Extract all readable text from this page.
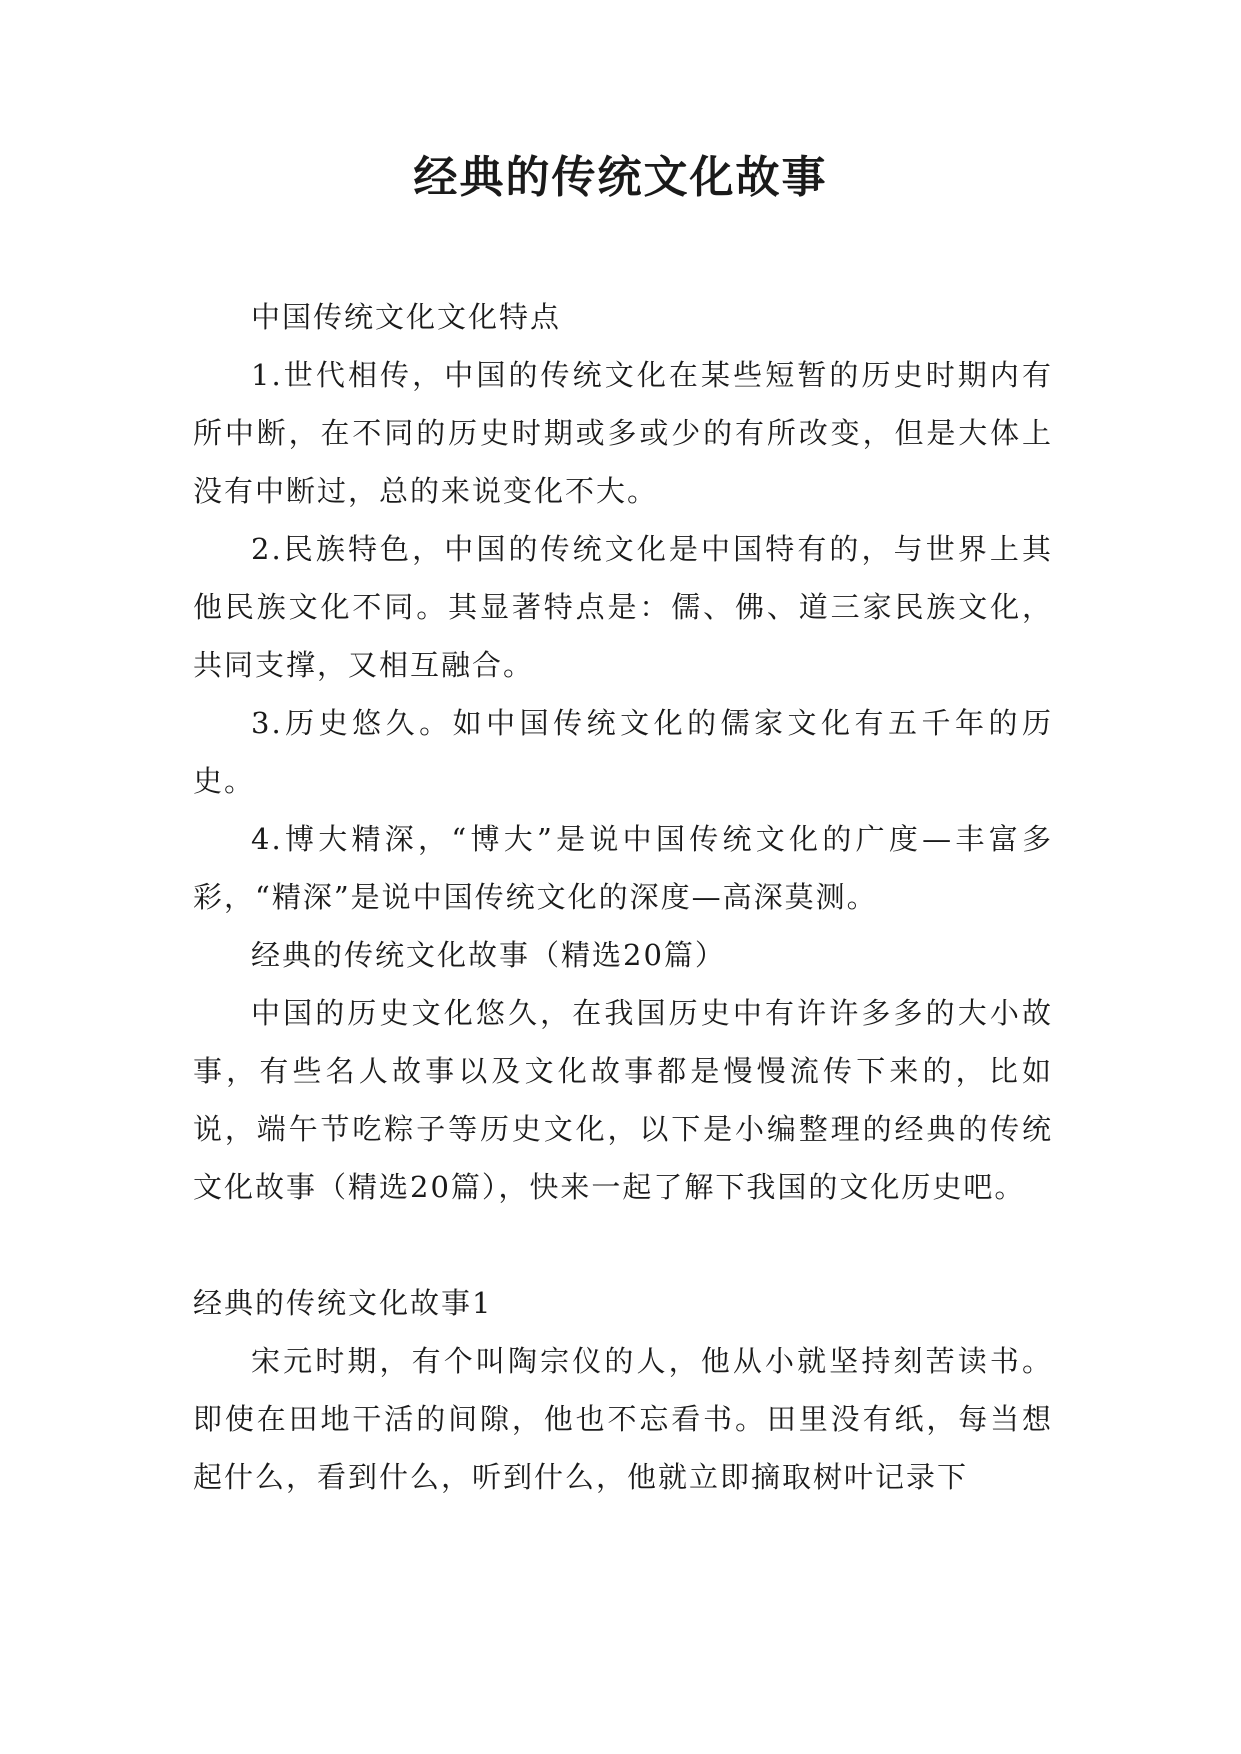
经典的传统文化故事

中国传统文化文化特点

1.世代相传，中国的传统文化在某些短暂的历史时期内有所中断，在不同的历史时期或多或少的有所改变，但是大体上没有中断过，总的来说变化不大。

2.民族特色，中国的传统文化是中国特有的，与世界上其他民族文化不同。其显著特点是：儒、佛、道三家民族文化，共同支撑，又相互融合。

3.历史悠久。如中国传统文化的儒家文化有五千年的历史。

4.博大精深，“博大”是说中国传统文化的广度—丰富多彩，“精深”是说中国传统文化的深度—高深莫测。

经典的传统文化故事（精选20篇）

中国的历史文化悠久，在我国历史中有许许多多的大小故事，有些名人故事以及文化故事都是慢慢流传下来的，比如说，端午节吃粽子等历史文化，以下是小编整理的经典的传统文化故事（精选20篇），快来一起了解下我国的文化历史吧。

经典的传统文化故事1

宋元时期，有个叫陶宗仪的人，他从小就坚持刻苦读书。即使在田地干活的间隙，他也不忘看书。田里没有纸，每当想起什么，看到什么，听到什么，他就立即摘取树叶记录下
